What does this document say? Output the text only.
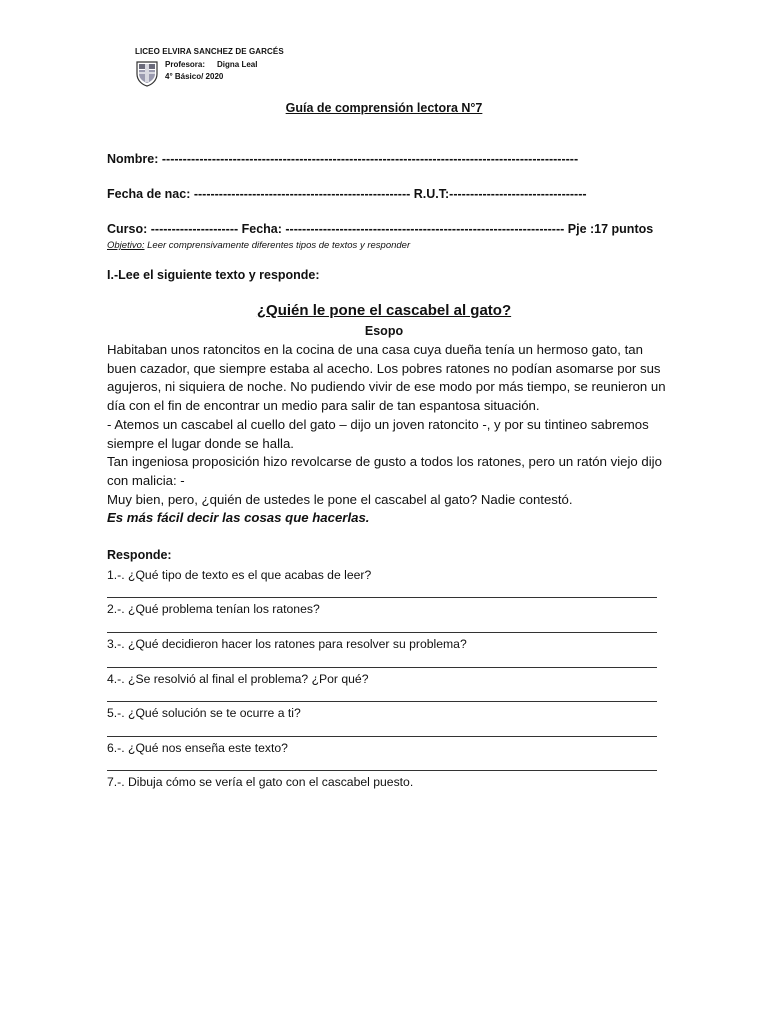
LICEO ELVIRA SANCHEZ DE GARCÉS
Profesora: Digna Leal
4° Básico/ 2020
Guía de comprensión lectora N°7
Nombre: ----------------------------------------------------------------------------------------------------
Fecha de nac: ---------------------------------------------------- R.U.T:---------------------------------
Curso: --------------------- Fecha: ------------------------------------------------------------------- Pje :17 puntos
Objetivo: Leer comprensivamente diferentes tipos de textos y responder
I.-Lee el siguiente texto y responde:
¿Quién le pone el cascabel al gato?
Esopo

Habitaban unos ratoncitos en la cocina de una casa cuya dueña tenía un hermoso gato, tan buen cazador, que siempre estaba al acecho. Los pobres ratones no podían asomarse por sus agujeros, ni siquiera de noche. No pudiendo vivir de ese modo por más tiempo, se reunieron un día con el fin de encontrar un medio para salir de tan espantosa situación.

- Atemos un cascabel al cuello del gato – dijo un joven ratoncito -, y por su tintineo sabremos siempre el lugar donde se halla.

Tan ingeniosa proposición hizo revolcarse de gusto a todos los ratones, pero un ratón viejo dijo con malicia: -

Muy bien, pero, ¿quién de ustedes le pone el cascabel al gato? Nadie contestó.

Es más fácil decir las cosas que hacerlas.

Responde:
1.-. ¿Qué tipo de texto es el que acabas de leer?
2.-. ¿Qué problema tenían los ratones?
3.-. ¿Qué decidieron hacer los ratones para resolver su problema?
4.-. ¿Se resolvió al final el problema? ¿Por qué?
5.-. ¿Qué solución se te ocurre a ti?
6.-. ¿Qué nos enseña este texto?
7.-. Dibuja cómo se vería el gato con el cascabel puesto.
